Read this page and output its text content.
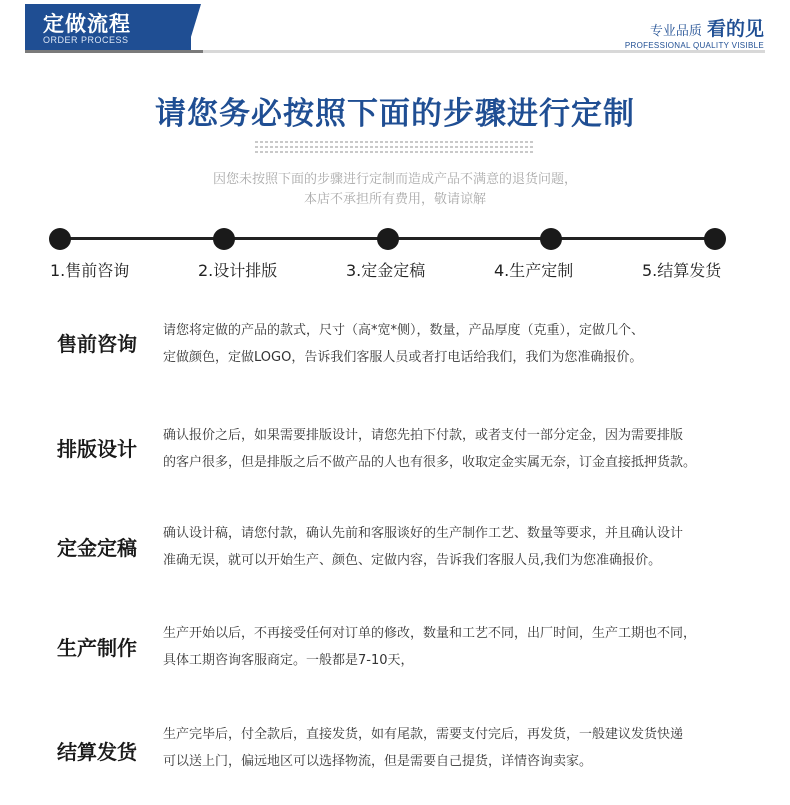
定做流程
ORDER PROCESS
专业品质 看的见
PROFESSIONAL QUALITY VISIBLE
请您务必按照下面的步骤进行定制
因您未按照下面的步骤进行定制而造成产品不满意的退货问题，
本店不承担所有费用，敬请谅解
1.售前咨询	2.设计排版	3.定金定稿	4.生产定制	5.结算发货
售前咨询
请您将定做的产品的款式，尺寸（高*宽*侧），数量，产品厚度（克重），定做几个、
定做颜色，定做LOGO，告诉我们客服人员或者打电话给我们，我们为您准确报价。
排版设计
确认报价之后，如果需要排版设计，请您先拍下付款，或者支付一部分定金，因为需要排版
的客户很多，但是排版之后不做产品的人也有很多，收取定金实属无奈，订金直接抵押货款。
定金定稿
确认设计稿，请您付款，确认先前和客服谈好的生产制作工艺、数量等要求，并且确认设计
准确无误，就可以开始生产、颜色、定做内容，告诉我们客服人员,我们为您准确报价。
生产制作
生产开始以后，不再接受任何对订单的修改，数量和工艺不同，出厂时间，生产工期也不同，
具体工期咨询客服商定。一般都是7-10天，
结算发货
生产完毕后，付全款后，直接发货，如有尾款，需要支付完后，再发货，一般建议发货快递
可以送上门，偏远地区可以选择物流，但是需要自己提货，详情咨询卖家。
